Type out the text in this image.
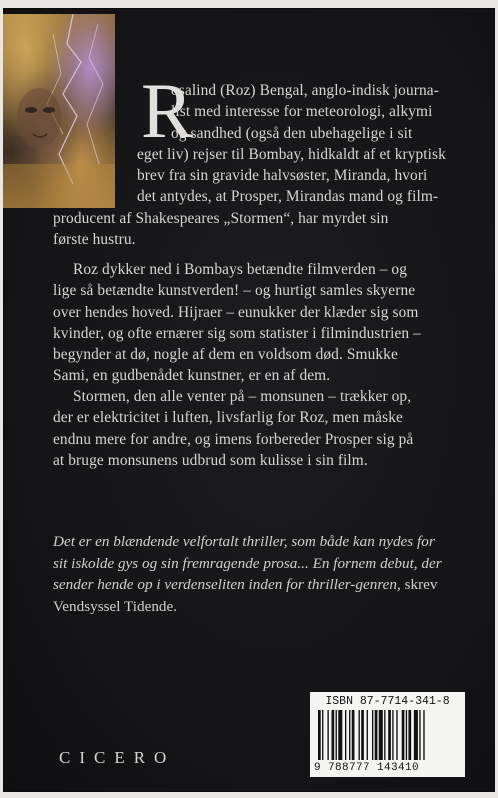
R
osalind (Roz) Bengal, anglo-indisk journa-
list med interesse for meteorologi, alkymi
og sandhed (også den ubehagelige i sit
eget liv) rejser til Bombay, hidkaldt af et kryptisk
brev fra sin gravide halvsøster, Miranda, hvori
det antydes, at Prosper, Mirandas mand og film-
producent af Shakespeares „Stormen“, har myrdet sin
første hustru.
Roz dykker ned i Bombays betændte filmverden – og
lige så betændte kunstverden! – og hurtigt samles skyerne
over hendes hoved. Hijraer – eunukker der klæder sig som
kvinder, og ofte ernærer sig som statister i filmindustrien –
begynder at dø, nogle af dem en voldsom død. Smukke
Sami, en gudbenådet kunstner, er en af dem.
Stormen, den alle venter på – monsunen – trækker op,
der er elektricitet i luften, livsfarlig for Roz, men måske
endnu mere for andre, og imens forbereder Prosper sig på
at bruge monsunens udbrud som kulisse i sin film.
Det er en blændende velfortalt thriller, som både kan nydes for
sit iskolde gys og sin fremragende prosa... En fornem debut, der
sender hende op i verdenseliten inden for thriller-genren, skrev
Vendsyssel Tidende.
CICERO
ISBN 87-7714-341-8
9 788777 143410
